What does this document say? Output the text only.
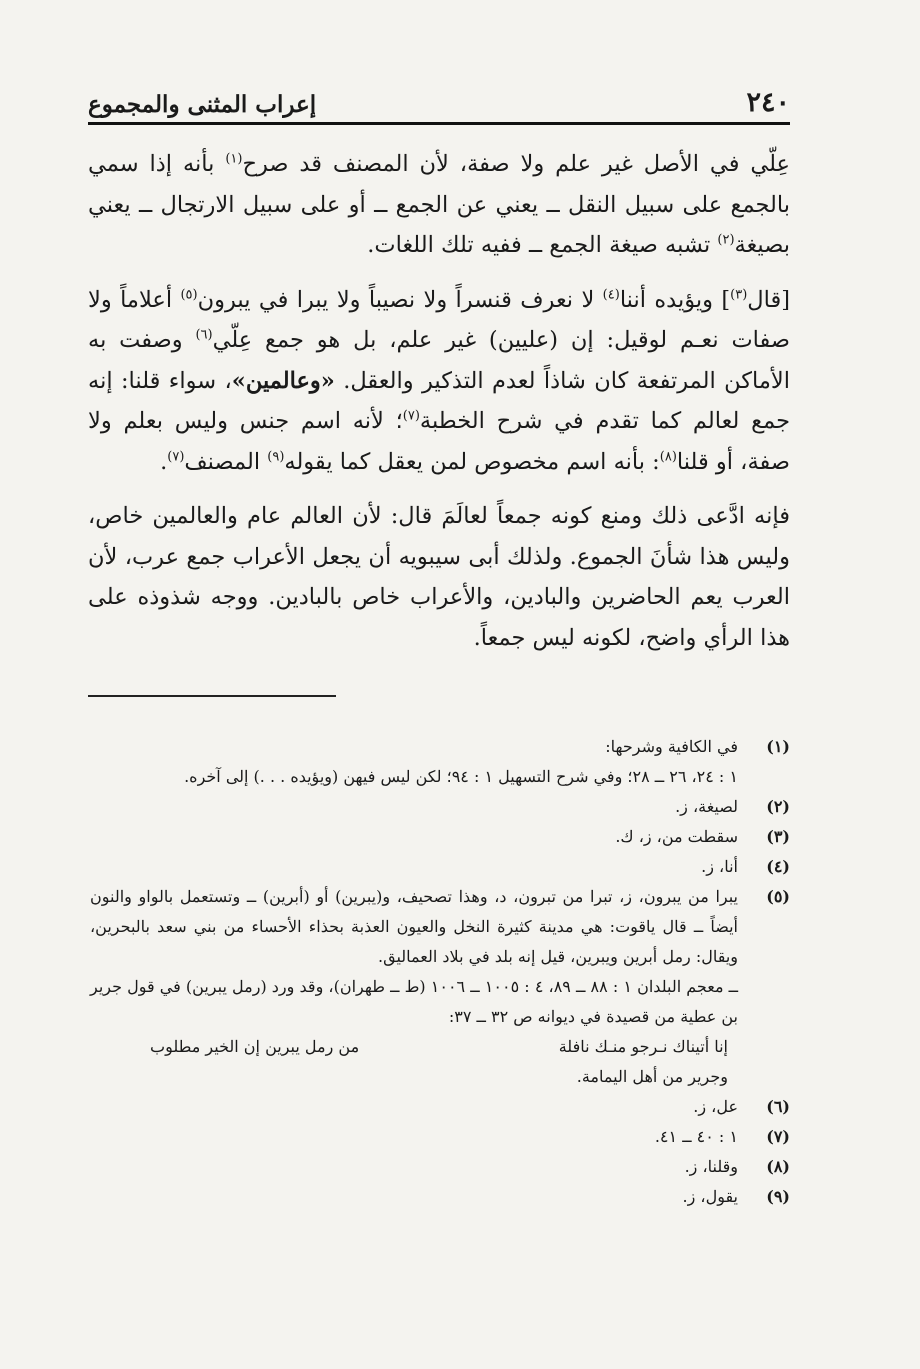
٢٤٠
إعراب المثنى والمجموع

عِلّي في الأصل غير علم ولا صفة، لأن المصنف قد صرح$^{(١)}$ بأنه إذا سمي بالجمع على سبيل النقل ــ يعني عن الجمع ــ أو على سبيل الارتجال ــ يعني بصيغة$^{(٢)}$ تشبه صيغة الجمع ــ ففيه تلك اللغات.

[قال$^{(٣)}$] ويؤيده أننا$^{(٤)}$ لا نعرف قنسراً ولا نصيباً ولا يبرا في يبرون$^{(٥)}$ أعلاماً ولا صفات نعـم لوقيل: إن (عليين) غير علم، بل هو جمع عِلّي$^{(٦)}$ وصفت به الأماكن المرتفعة كان شاذاً لعدم التذكير والعقل. «وعالمين»، سواء قلنا: إنه جمع لعالم كما تقدم في شرح الخطبة$^{(٧)}$؛ لأنه اسم جنس وليس بعلم ولا صفة، أو قلنا$^{(٨)}$: بأنه اسم مخصوص لمن يعقل كما يقوله$^{(٩)}$ المصنف$^{(٧)}$.

فإنه ادَّعى ذلك ومنع كونه جمعاً لعالَمَ قال: لأن العالم عام والعالمين خاص، وليس هذا شأنَ الجموع. ولذلك أبى سيبويه أن يجعل الأعراب جمع عرب، لأن العرب يعم الحاضرين والبادين، والأعراب خاص بالبادين. ووجه شذوذه على هذا الرأي واضح، لكونه ليس جمعاً.

(١)
في الكافية وشرحها:
١ : ٢٤، ٢٦ ــ ٢٨؛ وفي شرح التسهيل ١ : ٩٤؛ لكن ليس فيهن (ويؤيده . . .) إلى آخره.
(٢)
لصيغة، ز.
(٣)
سقطت من، ز، ك.
(٤)
أنا، ز.
(٥)
يبرا من يبرون، ز، تبرا من تبرون، د، وهذا تصحيف، و(يبرين) أو (أبرين) ــ وتستعمل بالواو والنون أيضاً ــ قال ياقوت: هي مدينة كثيرة النخل والعيون العذبة بحذاء الأحساء من بني سعد بالبحرين، ويقال: رمل أبرين ويبرين، قيل إنه بلد في بلاد العماليق.
ــ معجم البلدان ١ : ٨٨ ــ ٨٩، ٤ : ١٠٠٥ ــ ١٠٠٦ (ط ــ طهران)، وقد ورد (رمل يبرين) في قول جرير بن عطية من قصيدة في ديوانه ص ٣٢ ــ ٣٧:
إنا أتيناك نـرجو منـك نافلة
من رمل يبرين إن الخير مطلوب
وجرير من أهل اليمامة.
(٦)
عل، ز.
(٧)
١ : ٤٠ ــ ٤١.
(٨)
وقلنا، ز.
(٩)
يقول، ز.
